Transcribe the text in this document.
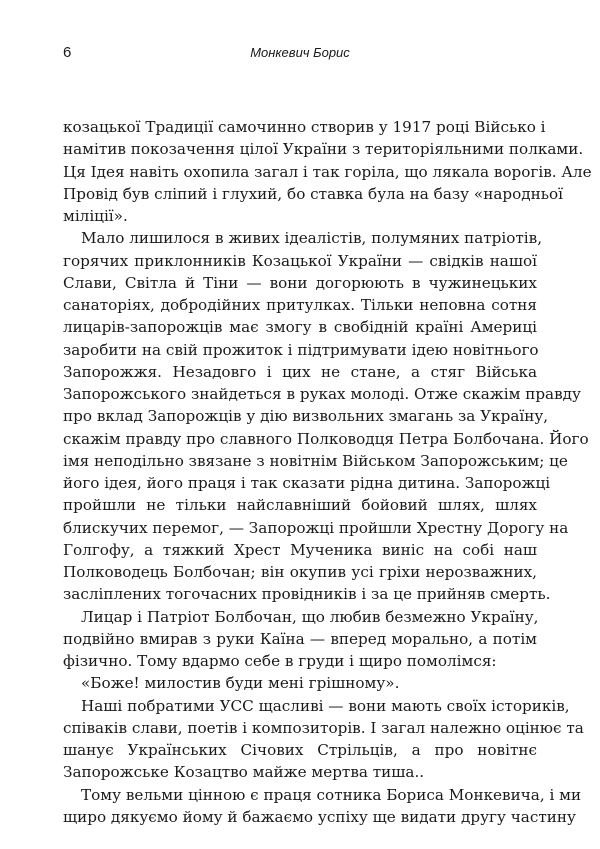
6	Монкевич Борис
козацької Традиції самочинно створив у 1917 році Військо і
намітив покозачення цілої України з територіяльними полками.
Ця Ідея навіть охопила загал і так горіла, що лякала ворогів. Але
Провід був сліпий і глухий, бо ставка була на базу «народньої
міліції».
Мало лишилося в живих ідеалістів, полумяних патріотів,
горячих приклонників Козацької України — свідків нашої
Слави, Світла й Тіни — вони догорюють в чужинецьких
санаторіях, добродійних притулках. Тільки неповна сотня
лицарів-запорожців має змогу в свобідній країні Америці
заробити на свій прожиток і підтримувати ідею новітнього
Запорожжя. Незадовго і цих не стане, а стяг Війська
Запорожського знайдеться в руках молоді. Отже скажім правду
про вклад Запорожців у дію визвольних змагань за Україну,
скажім правду про славного Полководця Петра Болбочана. Його
імя неподільно звязане з новітнім Військом Запорожським; це
його ідея, його праця і так сказати рідна дитина. Запорожці
пройшли не тільки найславніший бойовий шлях, шлях
блискучих перемог, — Запорожці пройшли Хрестну Дорогу на
Голгофу, а тяжкий Хрест Мученика виніс на собі наш
Полководець Болбочан; він окупив усі гріхи нерозважних,
засліплених тогочасних провідників і за це прийняв смерть.
Лицар і Патріот Болбочан, що любив безмежно Україну,
подвійно вмирав з руки Каїна — вперед морально, а потім
фізично. Тому вдармо себе в груди і щиро помолімся:
«Боже! милостив буди мені грішному».
Наші побратими УСС щасливі — вони мають своїх істориків,
співаків слави, поетів і композиторів. І загал належно оцінює та
шанує Українських Січових Стрільців, а про новітнє
Запорожське Козацтво майже мертва тиша..
Тому вельми цінною є праця сотника Бориса Монкевича, і ми
щиро дякуємо йому й бажаємо успіху ще видати другу частину
